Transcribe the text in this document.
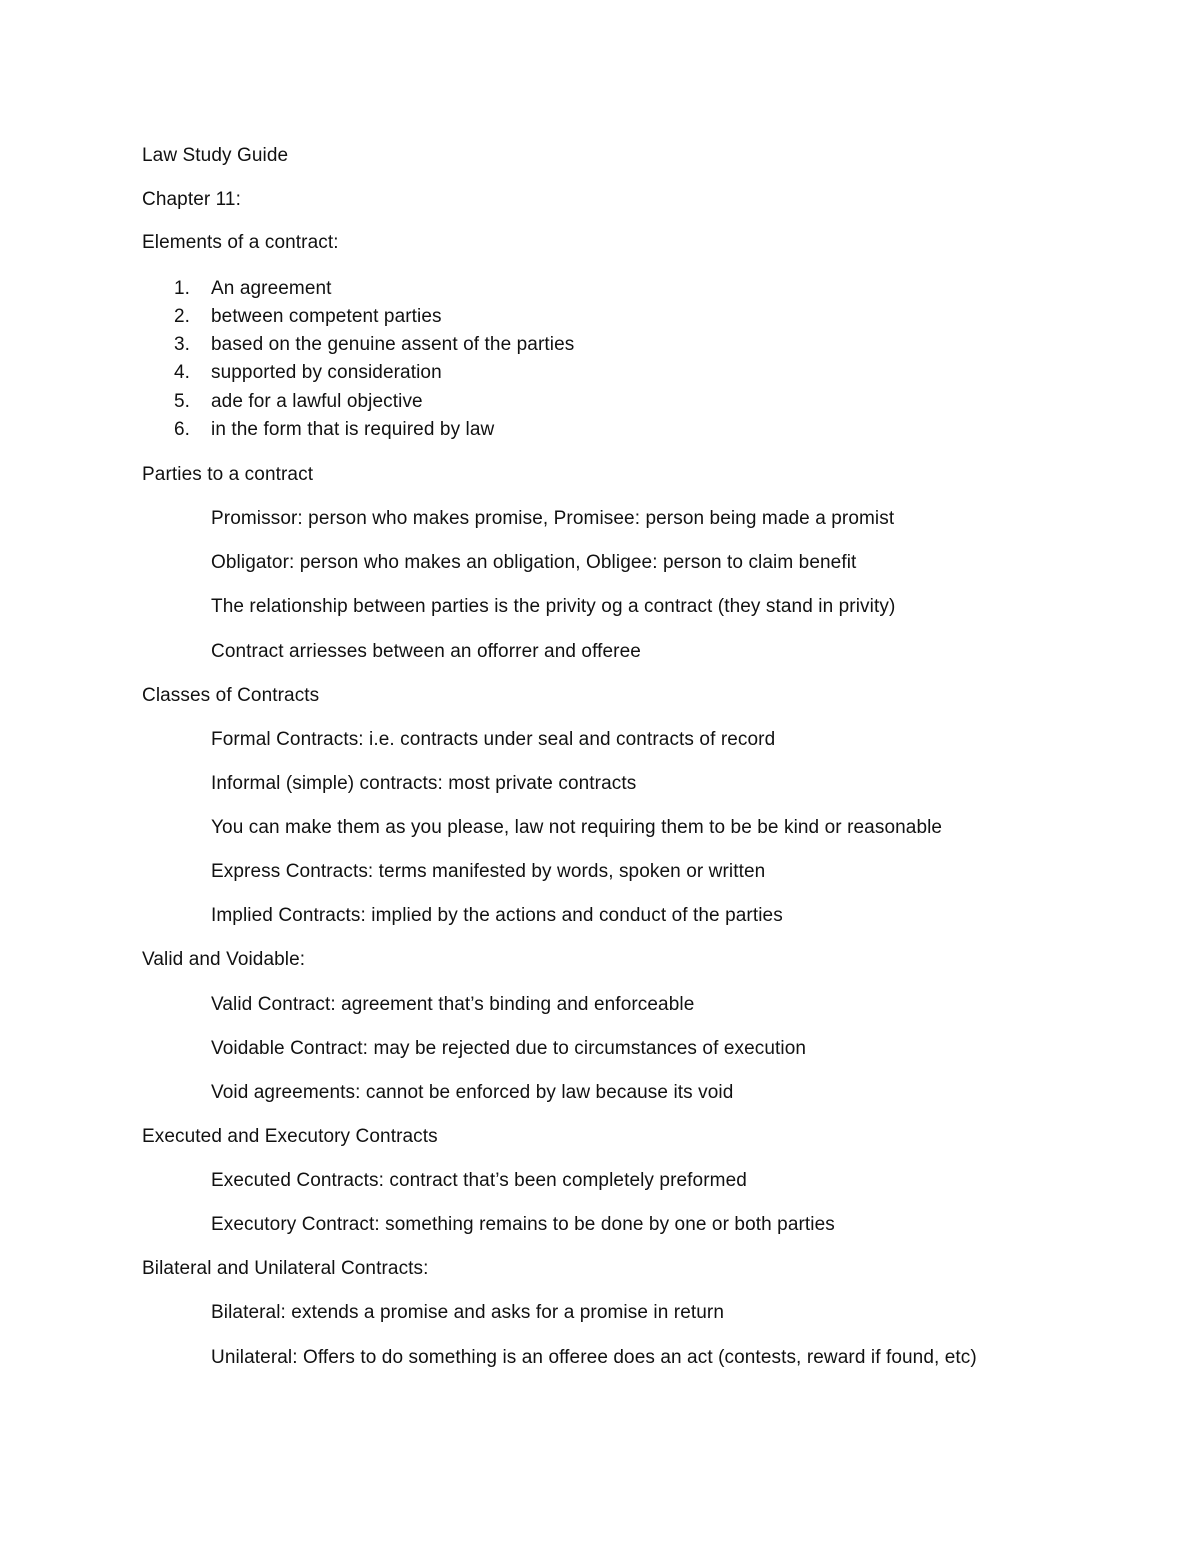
Law Study Guide
Chapter 11:
Elements of a contract:
1. An agreement
2. between competent parties
3. based on the genuine assent of the parties
4. supported by consideration
5. ade for a lawful objective
6. in the form that is required by law
Parties to a contract
Promissor: person who makes promise, Promisee: person being made a promist
Obligator: person who makes an obligation, Obligee: person to claim benefit
The relationship between parties is the privity og a contract (they stand in privity)
Contract arriesses between an offorrer and offeree
Classes of Contracts
Formal Contracts: i.e. contracts under seal and contracts of record
Informal (simple) contracts: most private contracts
You can make them as you please, law not requiring them to be be kind or reasonable
Express Contracts: terms manifested by words, spoken or written
Implied Contracts: implied by the actions and conduct of the parties
Valid and Voidable:
Valid Contract: agreement that’s binding and enforceable
Voidable Contract: may be rejected due to circumstances of execution
Void agreements: cannot be enforced by law because its void
Executed and Executory Contracts
Executed Contracts: contract that’s been completely preformed
Executory Contract: something remains to be done by one or both parties
Bilateral and Unilateral Contracts:
Bilateral: extends a promise and asks for a promise in return
Unilateral: Offers to do something is an offeree does an act (contests, reward if found, etc)
